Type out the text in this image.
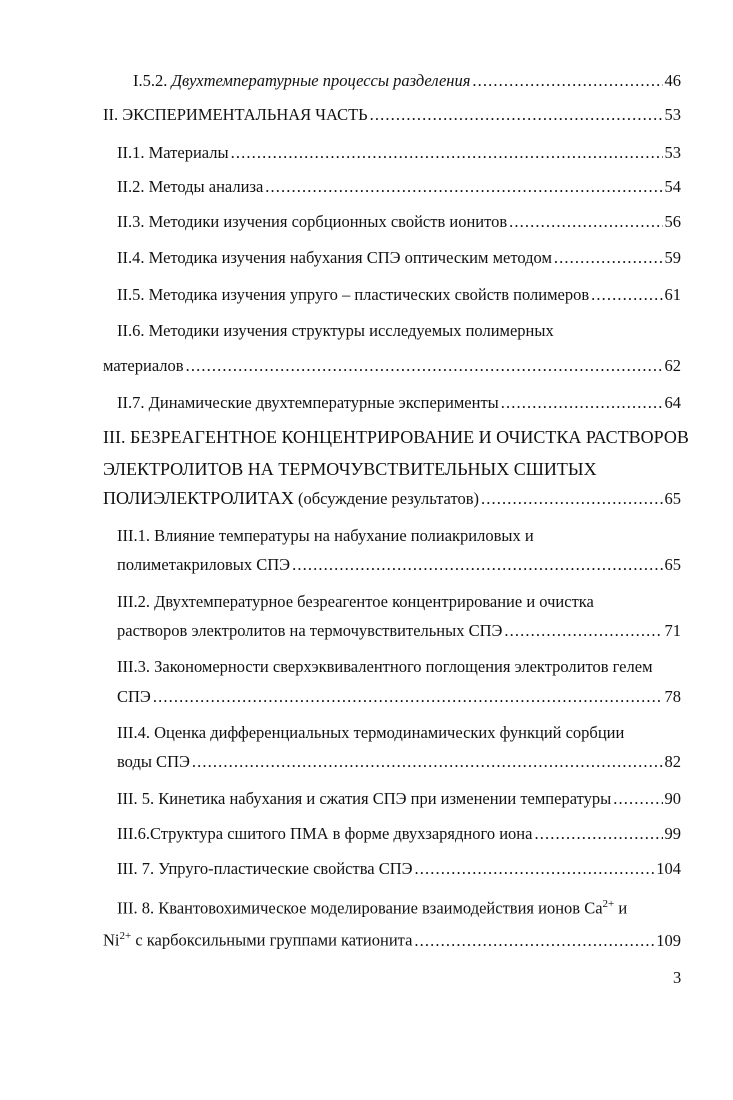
I.5.2. Двухтемпературные процессы разделения . . .	46
II. ЭКСПЕРИМЕНТАЛЬНАЯ ЧАСТЬ . . .	53
II.1. Материалы . . .	53
II.2. Методы анализа . . .	54
II.3. Методики изучения сорбционных свойств ионитов . . .	56
II.4. Методика изучения набухания СПЭ оптическим методом . . .	59
II.5. Методика изучения упруго – пластических свойств полимеров . . .	61
II.6. Методики изучения структуры исследуемых полимерных
материалов . . .	62
II.7. Динамические двухтемпературные эксперименты . . .	64
III. БЕЗРЕАГЕНТНОЕ КОНЦЕНТРИРОВАНИЕ И ОЧИСТКА РАСТВОРОВ
ЭЛЕКТРОЛИТОВ НА ТЕРМОЧУВСТВИТЕЛЬНЫХ СШИТЫХ
ПОЛИЭЛЕКТРОЛИТАХ (обсуждение результатов) . . .	65
III.1. Влияние температуры на набухание полиакриловых и
полиметакриловых СПЭ . . .	65
III.2. Двухтемпературное безреагентое концентрирование и очистка
растворов электролитов на термочувствительных СПЭ . . .	71
III.3. Закономерности сверхэквивалентного поглощения электролитов гелем
СПЭ . . .	78
III.4. Оценка дифференциальных термодинамических функций сорбции
воды СПЭ . . .	82
III. 5. Кинетика набухания и сжатия СПЭ при изменении температуры . . .	90
III.6.Структура сшитого ПМА в форме двухзарядного иона . . .	99
III. 7. Упруго-пластические свойства СПЭ . . .	104
III. 8. Квантовохимическое моделирование взаимодействия ионов $Ca^{2+}$ и
$Ni^{2+}$ с карбоксильными группами катионита . . .	109
3
